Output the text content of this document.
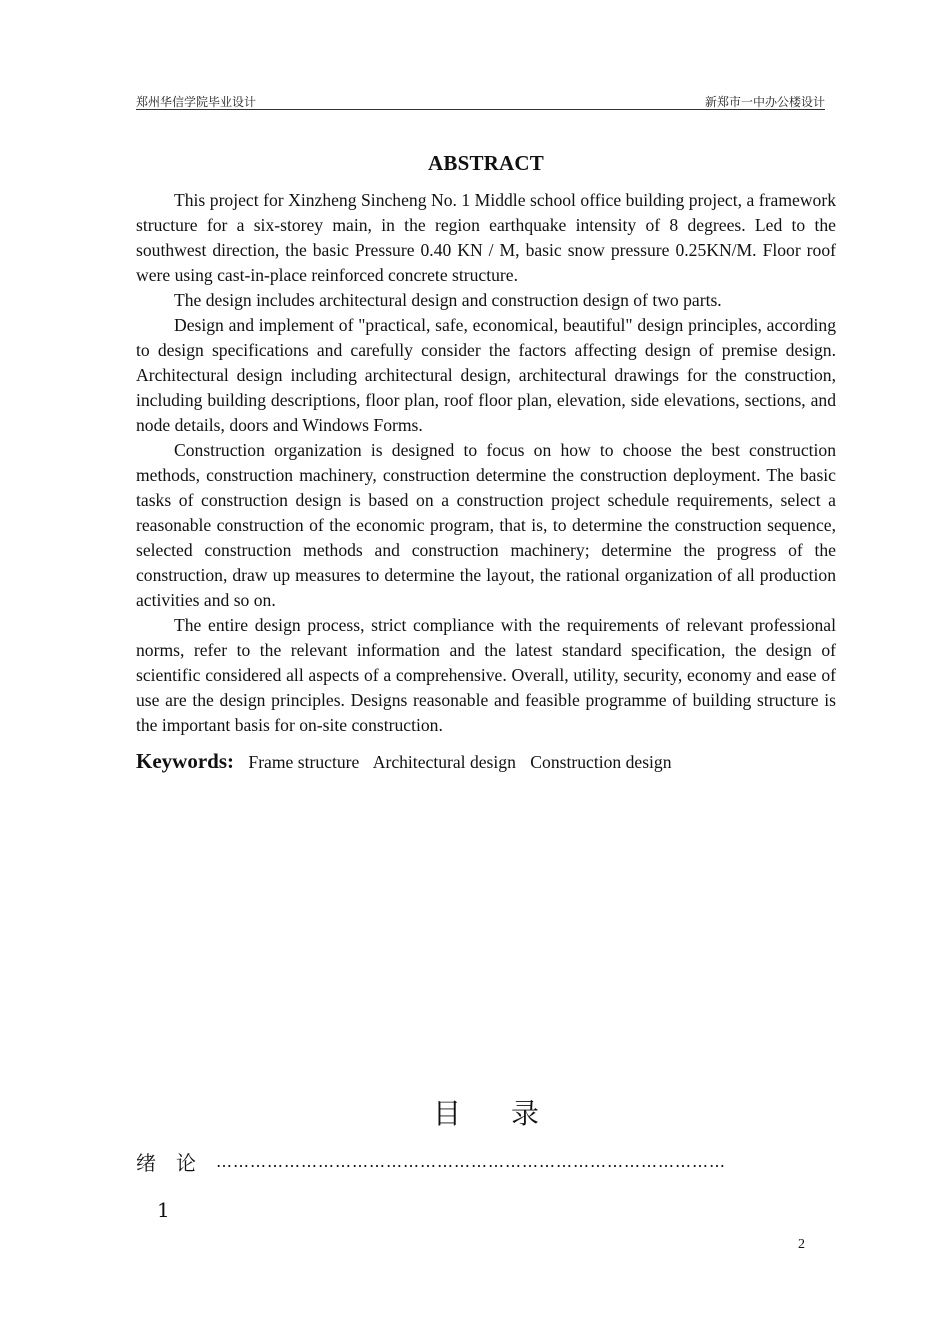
郑州华信学院毕业设计	新郑市一中办公楼设计
ABSTRACT

This project for Xinzheng Sincheng No. 1 Middle school office building project, a framework structure for a six-storey main, in the region earthquake intensity of 8 degrees. Led to the southwest direction, the basic Pressure 0.40 KN / M, basic snow pressure 0.25KN/M. Floor roof were using cast-in-place reinforced concrete structure.

The design includes architectural design and construction design of two parts.

Design and implement of "practical, safe, economical, beautiful" design principles, according to design specifications and carefully consider the factors affecting design of premise design. Architectural design including architectural design, architectural drawings for the construction, including building descriptions, floor plan, roof floor plan, elevation, side elevations, sections, and node details, doors and Windows Forms.

Construction organization is designed to focus on how to choose the best construction methods, construction machinery, construction determine the construction deployment. The basic tasks of construction design is based on a construction project schedule requirements, select a reasonable construction of the economic program, that is, to determine the construction sequence, selected construction methods and construction machinery; determine the progress of the construction, draw up measures to determine the layout, the rational organization of all production activities and so on.

The entire design process, strict compliance with the requirements of relevant professional norms, refer to the relevant information and the latest standard specification, the design of scientific considered all aspects of a comprehensive. Overall, utility, security, economy and ease of use are the design principles. Designs reasonable and feasible programme of building structure is the important basis for on-site construction.

Keywords: Frame structure Architectural design Construction design
目录
绪论 ………………………………………………………………………………
1
2
